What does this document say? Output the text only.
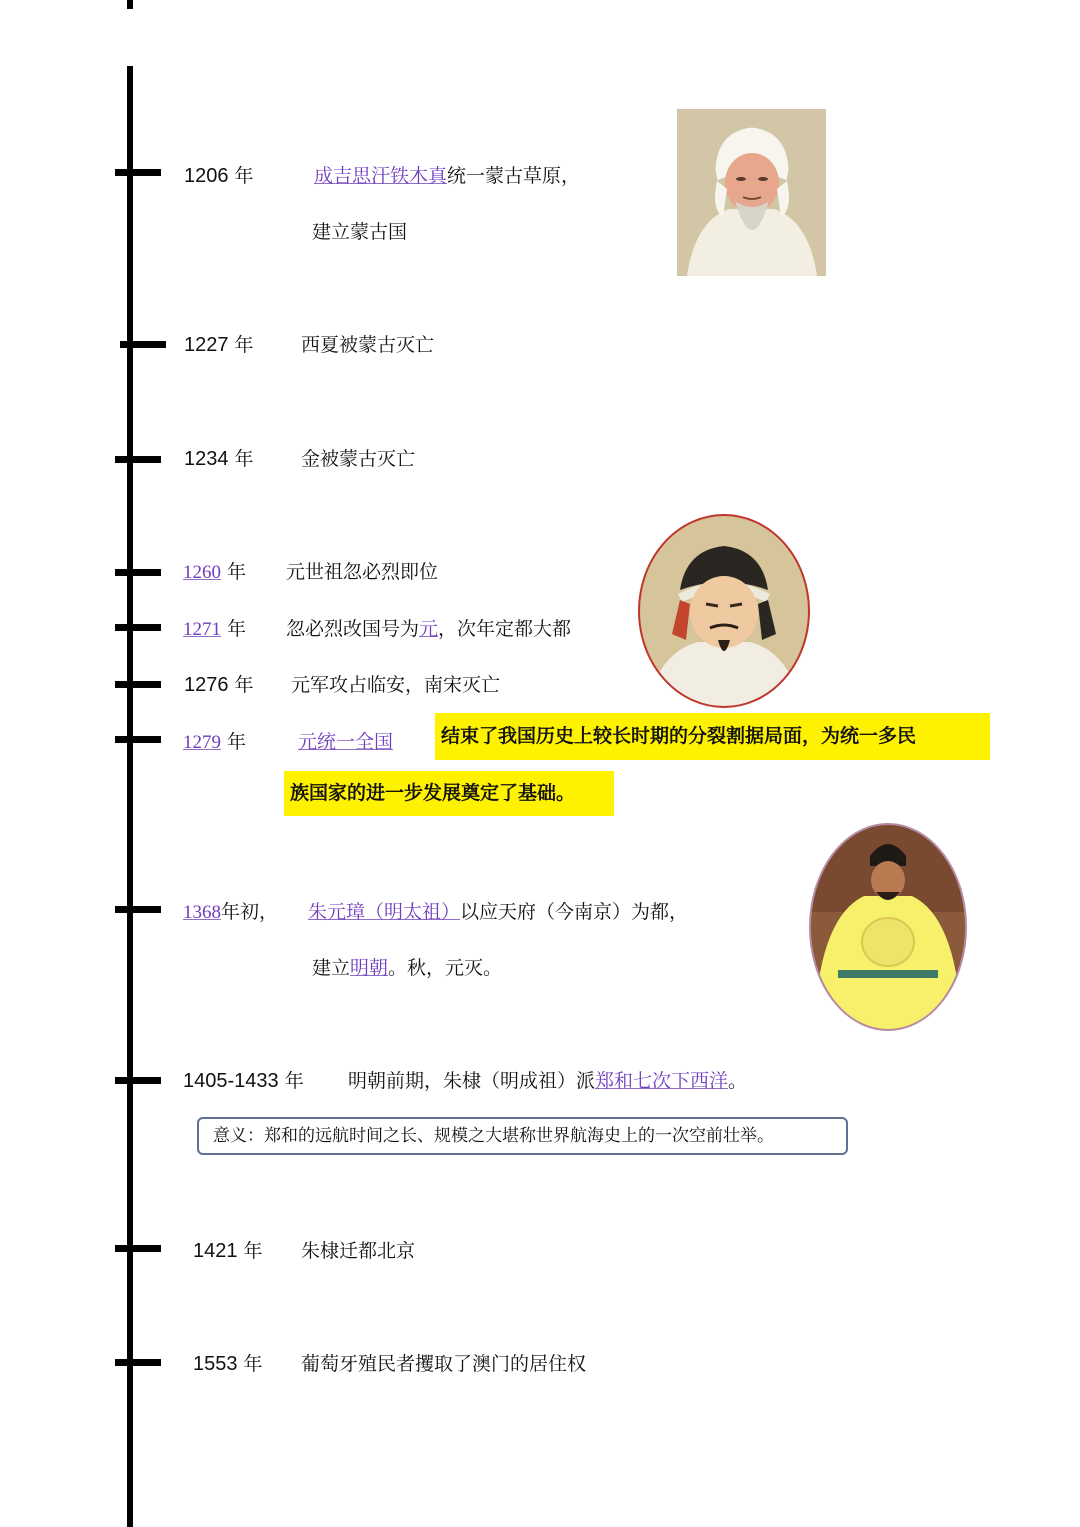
1206 年	成吉思汗铁木真统一蒙古草原，
建立蒙古国
1227 年 西夏被蒙古灭亡
1234 年 金被蒙古灭亡
1260 年 元世祖忽必烈即位
1271 年 忽必烈改国号为元，次年定都大都
1276 年 元军攻占临安，南宋灭亡
1279 年	元统一全国	结束了我国历史上较长时期的分裂割据局面，为统一多民
族国家的进一步发展奠定了基础。
1368年初， 朱元璋（明太祖）以应天府（今南京）为都，
建立明朝。秋，元灭。
1405-1433 年 明朝前期，朱棣（明成祖）派郑和七次下西洋。
意义：郑和的远航时间之长、规模之大堪称世界航海史上的一次空前壮举。
1421 年 朱棣迁都北京
1553 年 葡萄牙殖民者攫取了澳门的居住权
